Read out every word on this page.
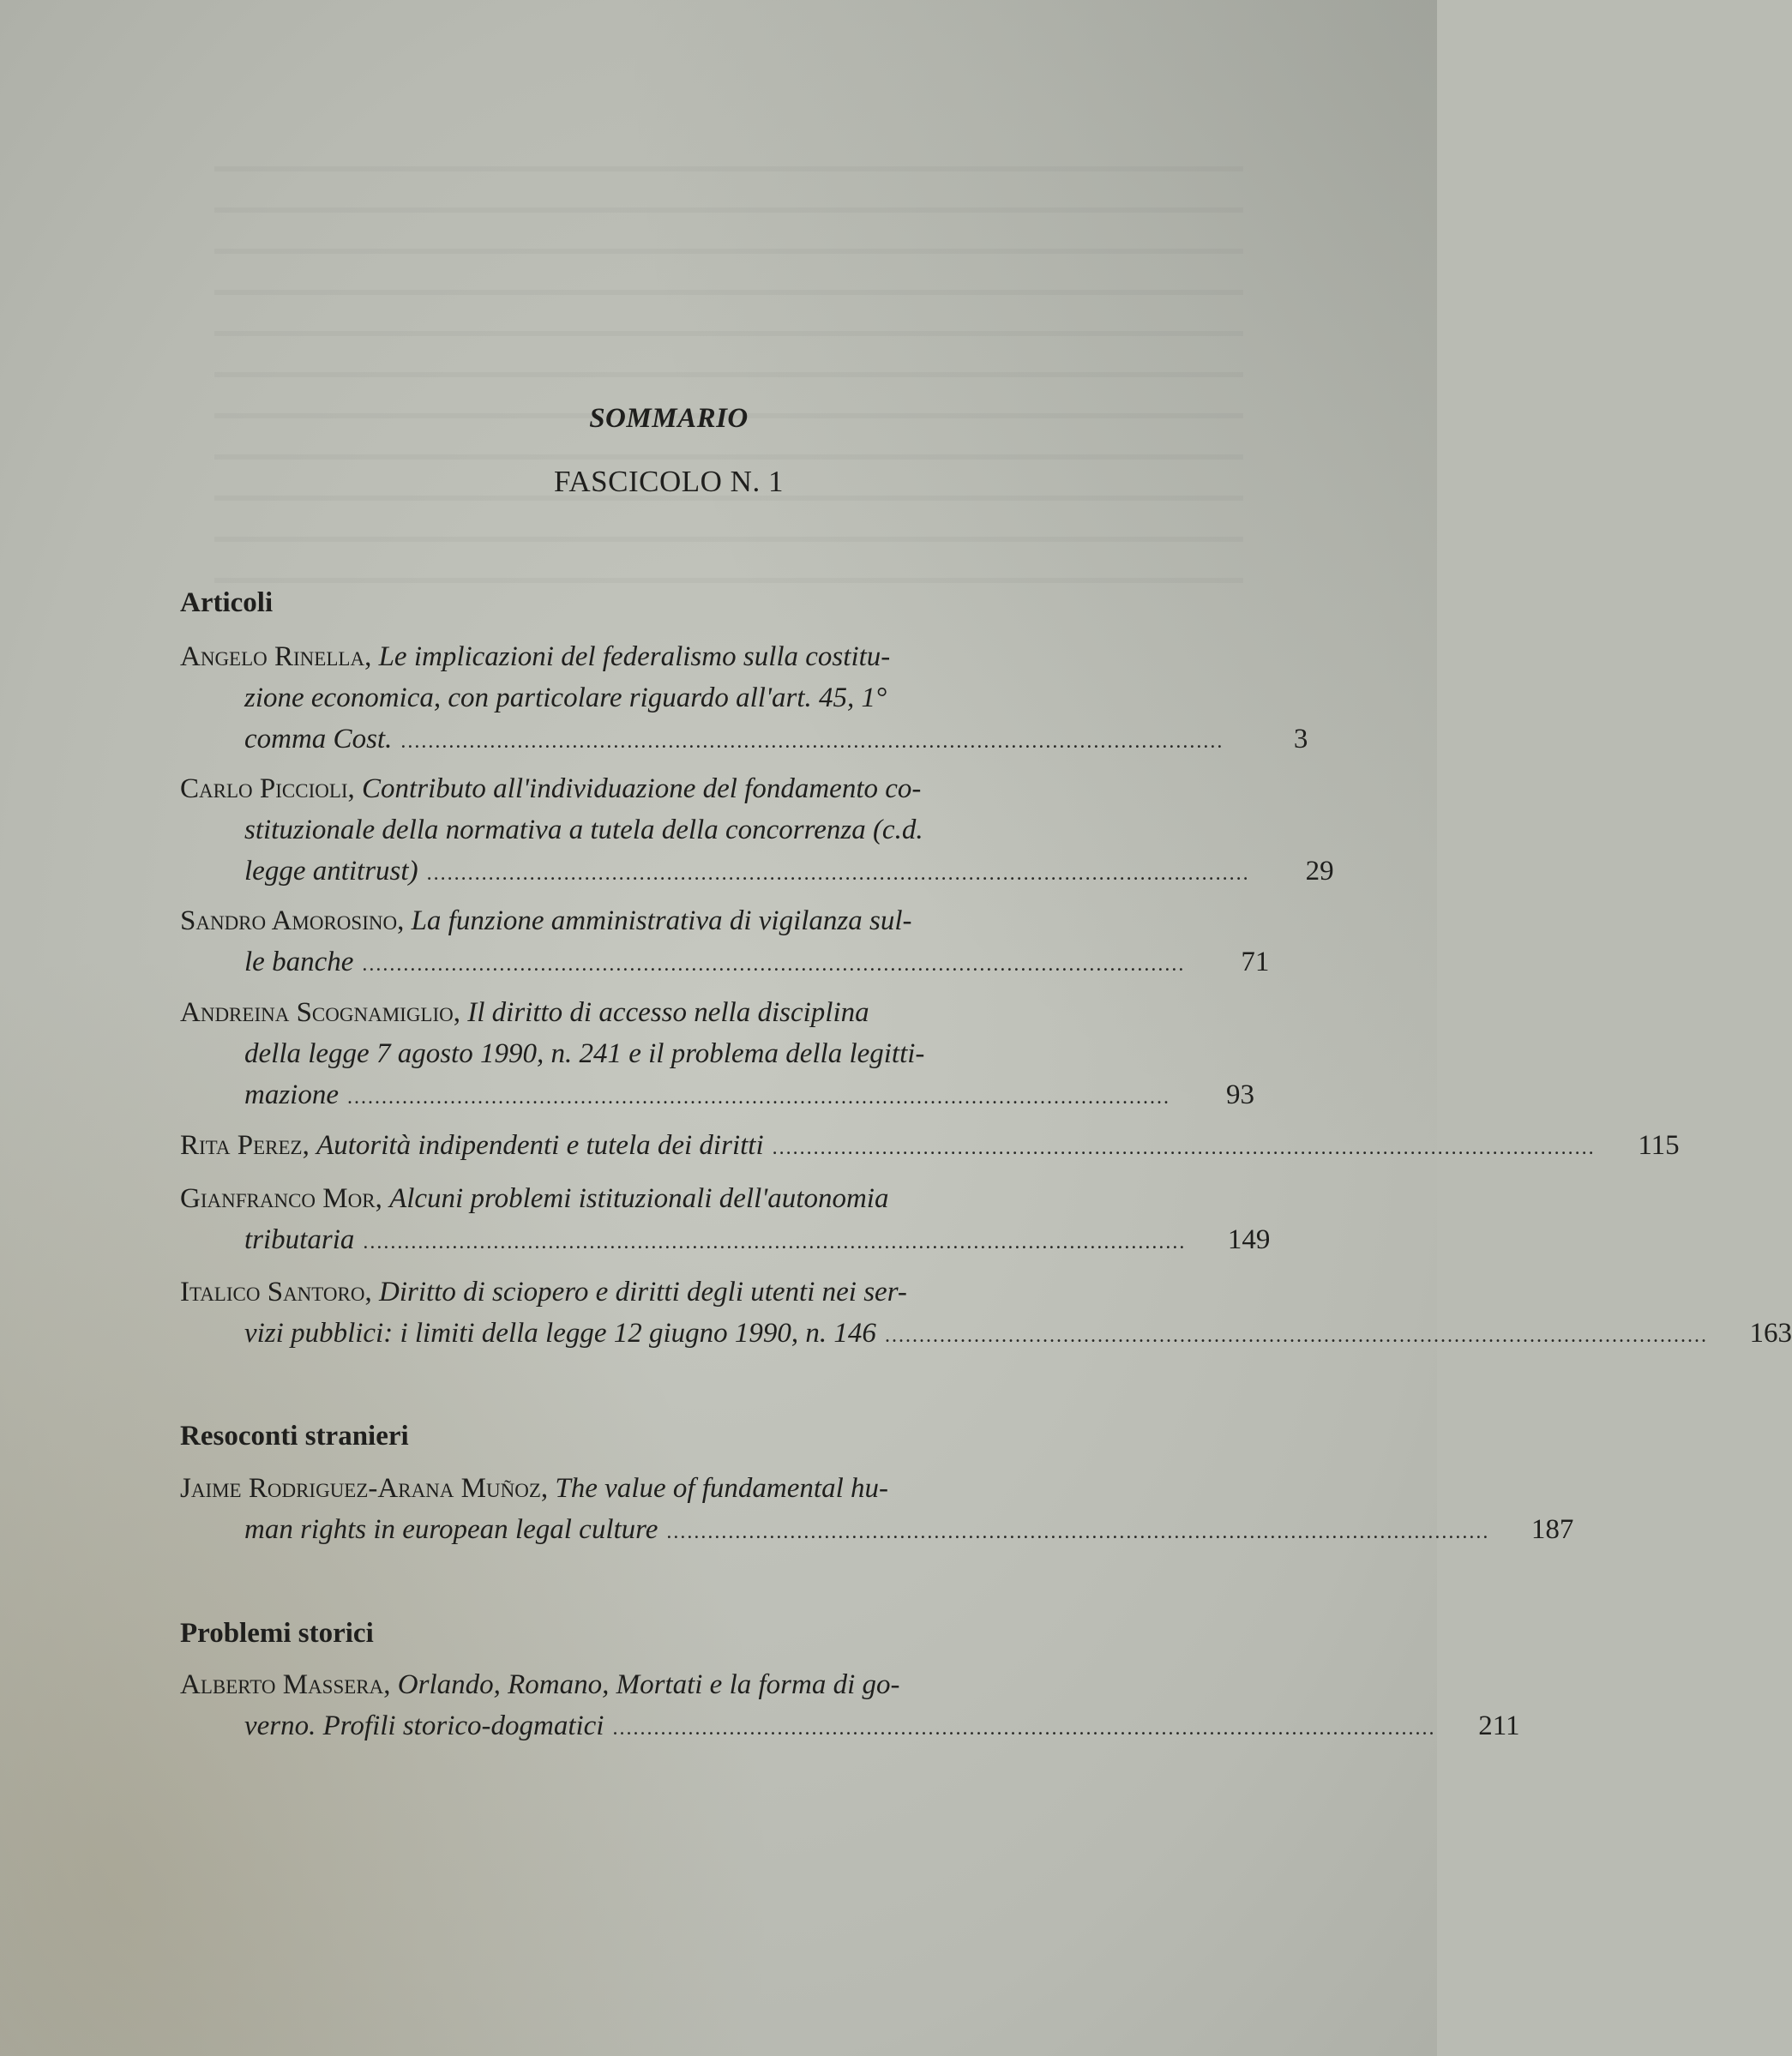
SOMMARIO
FASCICOLO N. 1
Articoli
Angelo Rinella, Le implicazioni del federalismo sulla costitu-
zione economica, con particolare riguardo all'art. 45, 1°
comma Cost. ........................................................................................................................	3
Carlo Piccioli, Contributo all'individuazione del fondamento co-
stituzionale della normativa a tutela della concorrenza (c.d.
legge antitrust) ........................................................................................................................	29
Sandro Amorosino, La funzione amministrativa di vigilanza sul-
le banche ........................................................................................................................	71
Andreina Scognamiglio, Il diritto di accesso nella disciplina
della legge 7 agosto 1990, n. 241 e il problema della legitti-
mazione ........................................................................................................................	93
Rita Perez , Autorità indipendenti e tutela dei diritti ........................................................................................................................	115
Gianfranco Mor, Alcuni problemi istituzionali dell'autonomia
tributaria ........................................................................................................................	149
Italico Santoro, Diritto di sciopero e diritti degli utenti nei ser-
vizi pubblici: i limiti della legge 12 giugno 1990, n. 146 ........................................................................................................................	163
Resoconti stranieri
Jaime Rodriguez-Arana Muñoz, The value of fundamental hu-
man rights in european legal culture ........................................................................................................................	187
Problemi storici
Alberto Massera, Orlando, Romano, Mortati e la forma di go-
verno. Profili storico-dogmatici ........................................................................................................................	211
